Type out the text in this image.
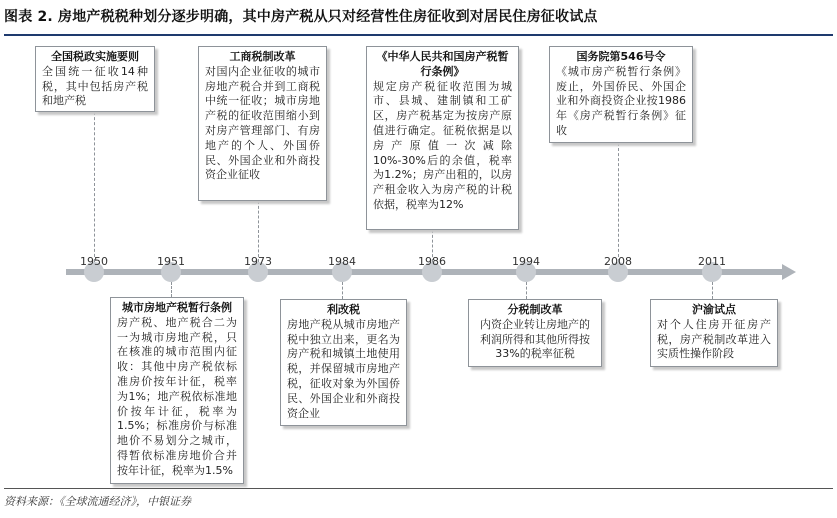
图表 2. 房地产税税种划分逐步明确，其中房产税从只对经营性住房征收到对居民住房征收试点
1950	1951	1973	1984	1986	1994	2008	2011
全国税政实施要则
全国统一征收14种税，其中包括房产税和地产税
工商税制改革
对国内企业征收的城市房地产税合并到工商税中统一征收；城市房地产税的征收范围缩小到对房产管理部门、有房地产的个人、外国侨民、外国企业和外商投资企业征收
《中华人民共和国房产税暂行条例》
规定房产税征收范围为城市、县城、建制镇和工矿区，房产税基定为按房产原值进行确定。征税依据是以房产原值一次减除10%-30%后的余值，税率为1.2%；房产出租的，以房产租金收入为房产税的计税依据，税率为12%
国务院第546号令
《城市房产税暂行条例》废止，外国侨民、外国企业和外商投资企业按1986年《房产税暂行条例》征收
城市房地产税暂行条例
房产税、地产税合二为一为城市房地产税，只在核准的城市范围内征收：其他中房产税依标准房价按年计征，税率为1%；地产税依标准地价按年计征，税率为1.5%；标准房价与标准地价不易划分之城市，得暂依标准房地价合并按年计征，税率为1.5%
利改税
房地产税从城市房地产税中独立出来，更名为房产税和城镇土地使用税，并保留城市房地产税，征收对象为外国侨民、外国企业和外商投资企业
分税制改革
内资企业转让房地产的利润所得和其他所得按33%的税率征税
沪渝试点
对个人住房开征房产税，房产税制改革进入实质性操作阶段
资料来源：《全球流通经济》，中银证券
